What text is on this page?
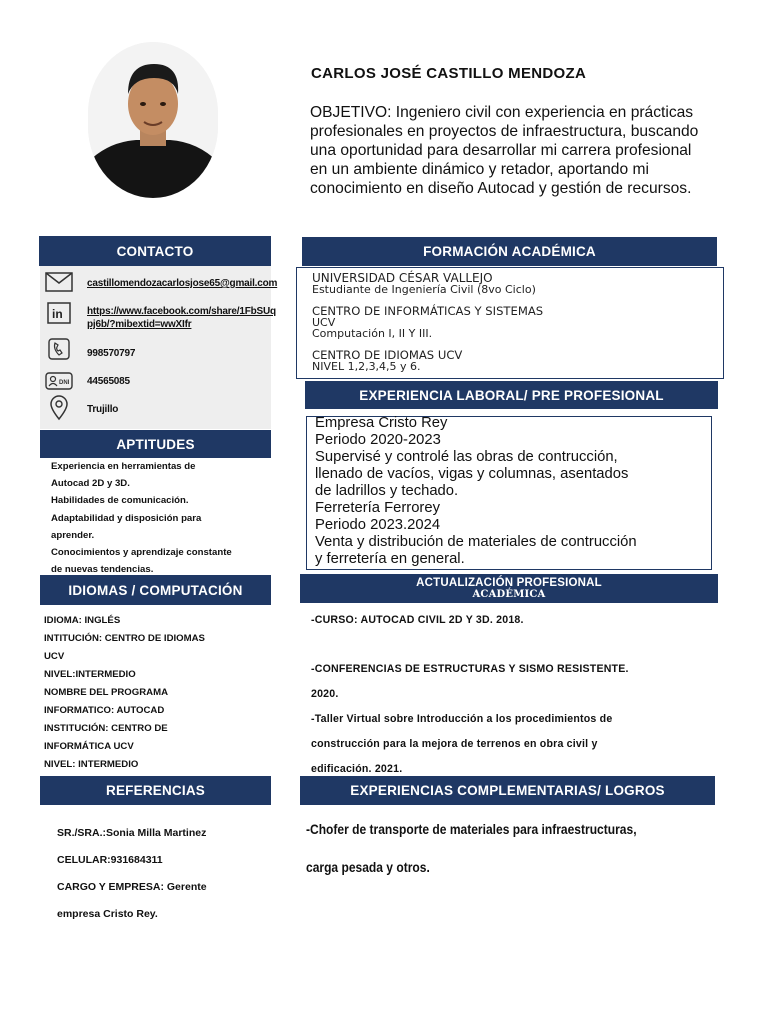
CARLOS JOSÉ CASTILLO MENDOZA
OBJETIVO: Ingeniero civil con experiencia en prácticas profesionales en proyectos de infraestructura, buscando una oportunidad para desarrollar mi carrera profesional en un ambiente dinámico y retador, aportando mi conocimiento en diseño Autocad y gestión de recursos.
CONTACTO
castillomendozacarlosjose65@gmail.com
in https://www.facebook.com/share/1FbSUq
pj6b/?mibextid=wwXIfr
998570797
DNI 44565085
Trujillo
APTITUDES
Experiencia en herramientas de
Autocad 2D y 3D.
Habilidades de comunicación.
Adaptabilidad y disposición para
aprender.
Conocimientos y aprendizaje constante
de nuevas tendencias.
IDIOMAS / COMPUTACIÓN
IDIOMA: INGLÉS
INTITUCIÓN: CENTRO DE IDIOMAS
UCV
NIVEL:INTERMEDIO
NOMBRE DEL PROGRAMA
INFORMATICO: AUTOCAD
INSTITUCIÓN: CENTRO DE
INFORMÁTICA UCV
NIVEL: INTERMEDIO
REFERENCIAS
SR./SRA.:Sonia Milla Martinez
CELULAR:931684311
CARGO Y EMPRESA: Gerente
empresa Cristo Rey.
FORMACIÓN ACADÉMICA
UNIVERSIDAD CÉSAR VALLEJO
Estudiante de Ingeniería Civil (8vo Ciclo)
CENTRO DE INFORMÁTICAS Y SISTEMAS
UCV
Computación I, II Y III.
CENTRO DE IDIOMAS UCV
NIVEL 1,2,3,4,5 y 6.
EXPERIENCIA LABORAL/ PRE PROFESIONAL
Empresa Cristo Rey
Periodo 2020-2023
Supervisé y controlé las obras de contrucción,
llenado de vacíos, vigas y columnas, asentados
de ladrillos y techado.
Ferretería Ferrorey
Periodo 2023.2024
Venta y distribución de materiales de contrucción
y ferretería en general.
ACTUALIZACIÓN PROFESIONAL
ACADÉMICA
-CURSO: AUTOCAD CIVIL 2D Y 3D. 2018.
-CONFERENCIAS DE ESTRUCTURAS Y SISMO RESISTENTE.
2020.
-Taller Virtual sobre Introducción a los procedimientos de
construcción para la mejora de terrenos en obra civil y
edificación. 2021.
EXPERIENCIAS COMPLEMENTARIAS/ LOGROS
-Chofer de transporte de materiales para infraestructuras,
carga pesada y otros.
